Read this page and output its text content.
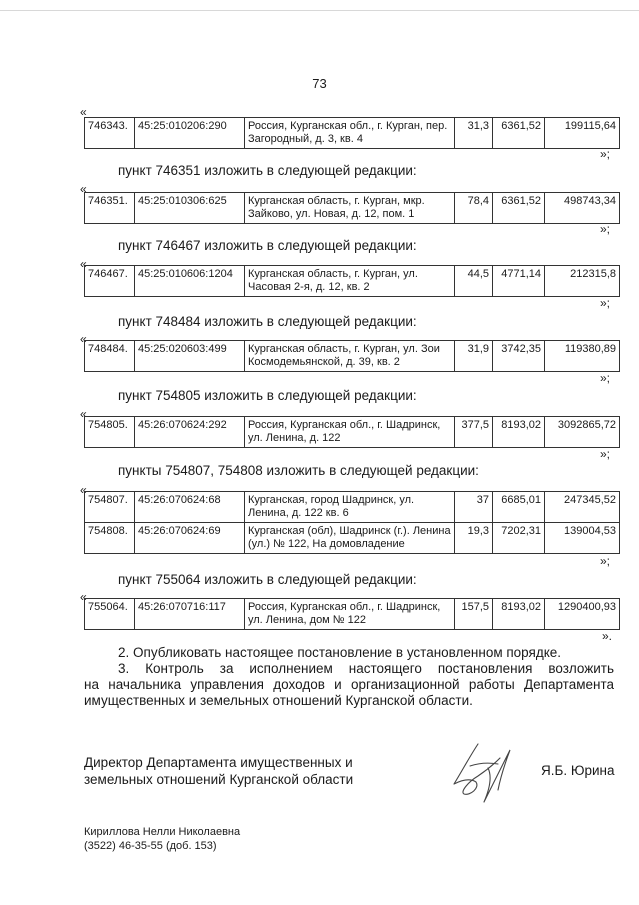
73
«
746343.	45:25:010206:290	Россия, Курганская обл., г. Курган, пер. Загородный, д. 3, кв. 4	31,3	6361,52	199115,64
»;
пункт 746351 изложить в следующей редакции:
«
746351.	45:25:010306:625	Курганская область, г. Курган, мкр. Зайково, ул. Новая, д. 12, пом. 1	78,4	6361,52	498743,34
»;
пункт 746467 изложить в следующей редакции:
«
746467.	45:25:010606:1204	Курганская область, г. Курган, ул. Часовая 2-я, д. 12, кв. 2	44,5	4771,14	212315,8
»;
пункт 748484 изложить в следующей редакции:
«
748484.	45:25:020603:499	Курганская область, г. Курган, ул. Зои Космодемьянской, д. 39, кв. 2	31,9	3742,35	119380,89
»;
пункт 754805 изложить в следующей редакции:
«
754805.	45:26:070624:292	Россия, Курганская обл., г. Шадринск, ул. Ленина, д. 122	377,5	8193,02	3092865,72
»;
пункты 754807, 754808 изложить в следующей редакции:
«
754807.	45:26:070624:68	Курганская, город Шадринск, ул. Ленина, д. 122 кв. 6	37	6685,01	247345,52
754808.	45:26:070624:69	Курганская (обл), Шадринск (г.). Ленина (ул.) № 122, На домовладение	19,3	7202,31	139004,53
»;
пункт 755064 изложить в следующей редакции:
«
755064.	45:26:070716:117	Россия, Курганская обл., г. Шадринск, ул. Ленина, дом № 122	157,5	8193,02	1290400,93
».
2. Опубликовать настоящее постановление в установленном порядке.
3. Контроль за исполнением настоящего постановления возложить
на начальника управления доходов и организационной работы Департамента
имущественных и земельных отношений Курганской области.
Директор Департамента имущественных и
земельных отношений Курганской области
Я.Б. Юрина
Кириллова Нелли Николаевна
(3522) 46-35-55 (доб. 153)
